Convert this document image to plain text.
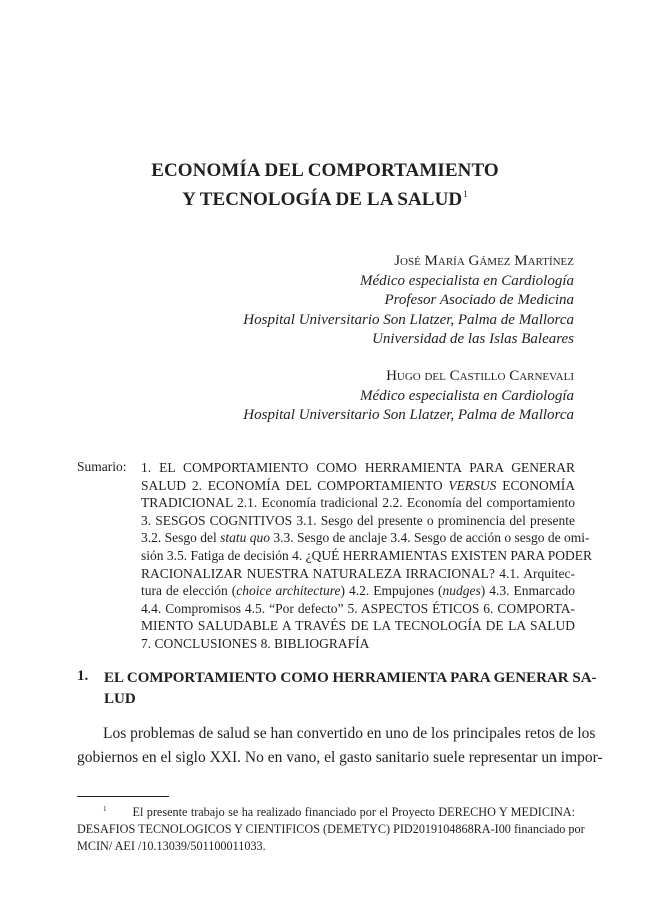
ECONOMÍA DEL COMPORTAMIENTO
Y TECNOLOGÍA DE LA SALUD$^1$
José María Gámez Martínez
Médico especialista en Cardiología
Profesor Asociado de Medicina
Hospital Universitario Son Llatzer, Palma de Mallorca
Universidad de las Islas Baleares
Hugo del Castillo Carnevali
Médico especialista en Cardiología
Hospital Universitario Son Llatzer, Palma de Mallorca
Sumario: 1. EL COMPORTAMIENTO COMO HERRAMIENTA PARA GENERAR
SALUD 2. ECONOMÍA DEL COMPORTAMIENTO VERSUS ECONOMÍA
TRADICIONAL 2.1. Economía tradicional 2.2. Economía del comportamiento
3. SESGOS COGNITIVOS 3.1. Sesgo del presente o prominencia del presente
3.2. Sesgo del statu quo 3.3. Sesgo de anclaje 3.4. Sesgo de acción o sesgo de omi-
sión 3.5. Fatiga de decisión 4. ¿QUÉ HERRAMIENTAS EXISTEN PARA PODER
RACIONALIZAR NUESTRA NATURALEZA IRRACIONAL? 4.1. Arquitec-
tura de elección (choice architecture) 4.2. Empujones (nudges) 4.3. Enmarcado
4.4. Compromisos 4.5. “Por defecto” 5. ASPECTOS ÉTICOS 6. COMPORTA-
MIENTO SALUDABLE A TRAVÉS DE LA TECNOLOGÍA DE LA SALUD
7. CONCLUSIONES 8. BIBLIOGRAFÍA
1. EL COMPORTAMIENTO COMO HERRAMIENTA PARA GENERAR SA-
LUD
Los problemas de salud se han convertido en uno de los principales retos de los
gobiernos en el siglo XXI. No en vano, el gasto sanitario suele representar un impor-
$^1$ El presente trabajo se ha realizado financiado por el Proyecto DERECHO Y MEDICINA:
DESAFIOS TECNOLOGICOS Y CIENTIFICOS (DEMETYC) PID2019104868RA-I00 financiado por
MCIN/ AEI /10.13039/501100011033.
